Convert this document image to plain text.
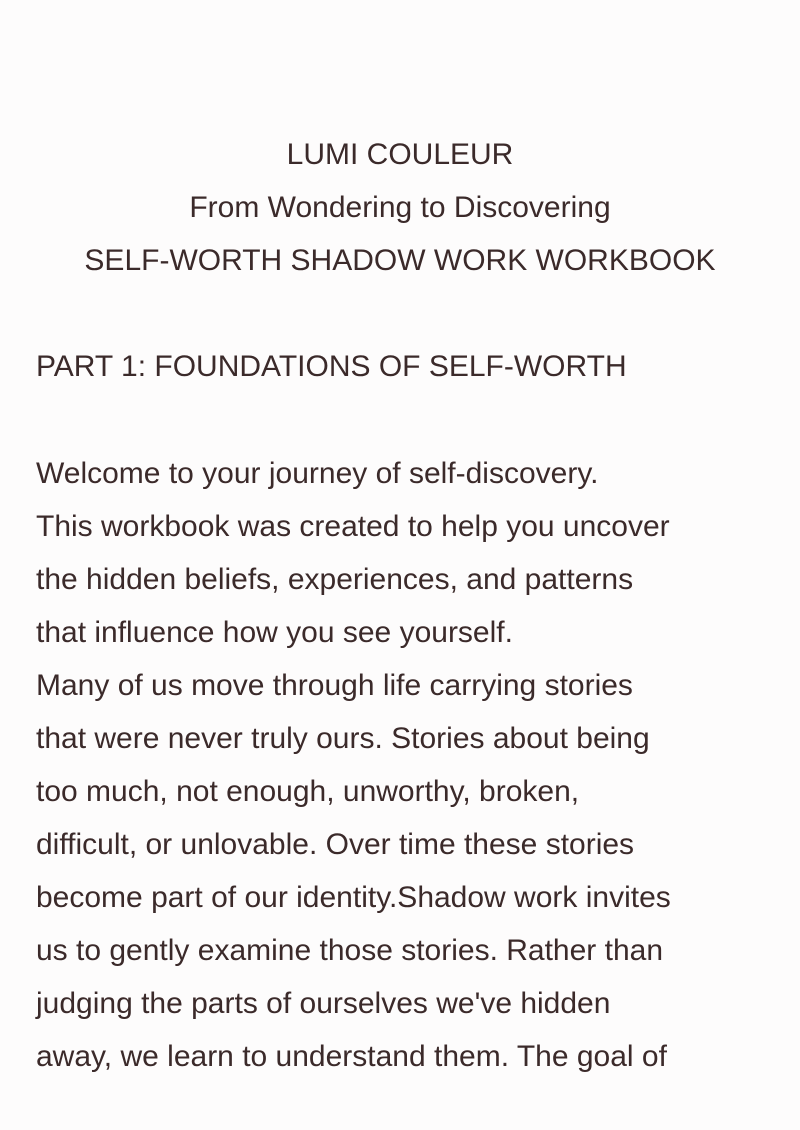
LUMI COULEUR
From Wondering to Discovering
SELF-WORTH SHADOW WORK WORKBOOK
PART 1: FOUNDATIONS OF SELF-WORTH
Welcome to your journey of self-discovery.
This workbook was created to help you uncover
the hidden beliefs, experiences, and patterns
that influence how you see yourself.
Many of us move through life carrying stories
that were never truly ours. Stories about being
too much, not enough, unworthy, broken,
difficult, or unlovable. Over time these stories
become part of our identity.Shadow work invites
us to gently examine those stories. Rather than
judging the parts of ourselves we've hidden
away, we learn to understand them. The goal of
